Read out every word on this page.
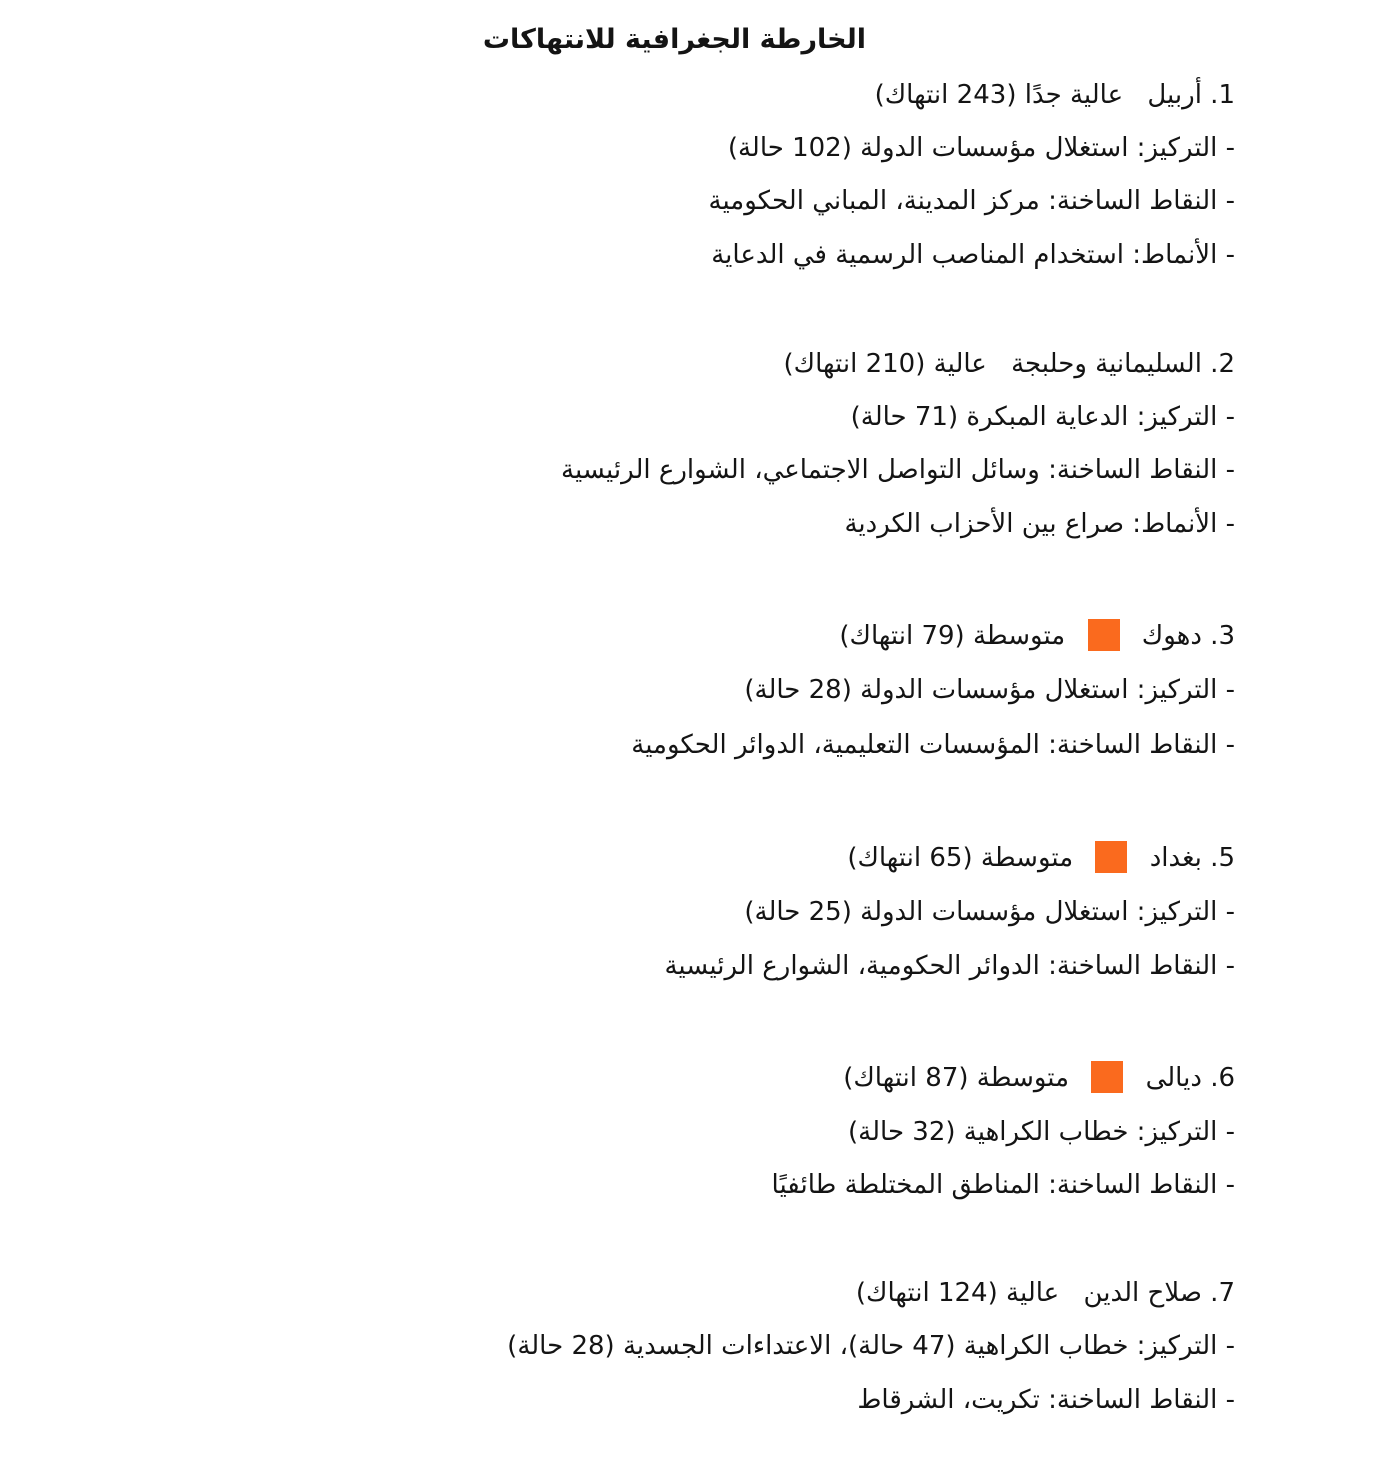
الخارطة الجغرافية للانتهاكات
1. أربيل عالية جدًا (243 انتهاك)
- التركيز: استغلال مؤسسات الدولة (102 حالة)
- النقاط الساخنة: مركز المدينة، المباني الحكومية
- الأنماط: استخدام المناصب الرسمية في الدعاية
2. السليمانية وحلبجة عالية (210 انتهاك)
- التركيز: الدعاية المبكرة (71 حالة)
- النقاط الساخنة: وسائل التواصل الاجتماعي، الشوارع الرئيسية
- الأنماط: صراع بين الأحزاب الكردية
3. دهوك  متوسطة (79 انتهاك)
- التركيز: استغلال مؤسسات الدولة (28 حالة)
- النقاط الساخنة: المؤسسات التعليمية، الدوائر الحكومية
5. بغداد  متوسطة (65 انتهاك)
- التركيز: استغلال مؤسسات الدولة (25 حالة)
- النقاط الساخنة: الدوائر الحكومية، الشوارع الرئيسية
6. ديالى  متوسطة (87 انتهاك)
- التركيز: خطاب الكراهية (32 حالة)
- النقاط الساخنة: المناطق المختلطة طائفيًا
7. صلاح الدين عالية (124 انتهاك)
- التركيز: خطاب الكراهية (47 حالة)، الاعتداءات الجسدية (28 حالة)
- النقاط الساخنة: تكريت، الشرقاط
